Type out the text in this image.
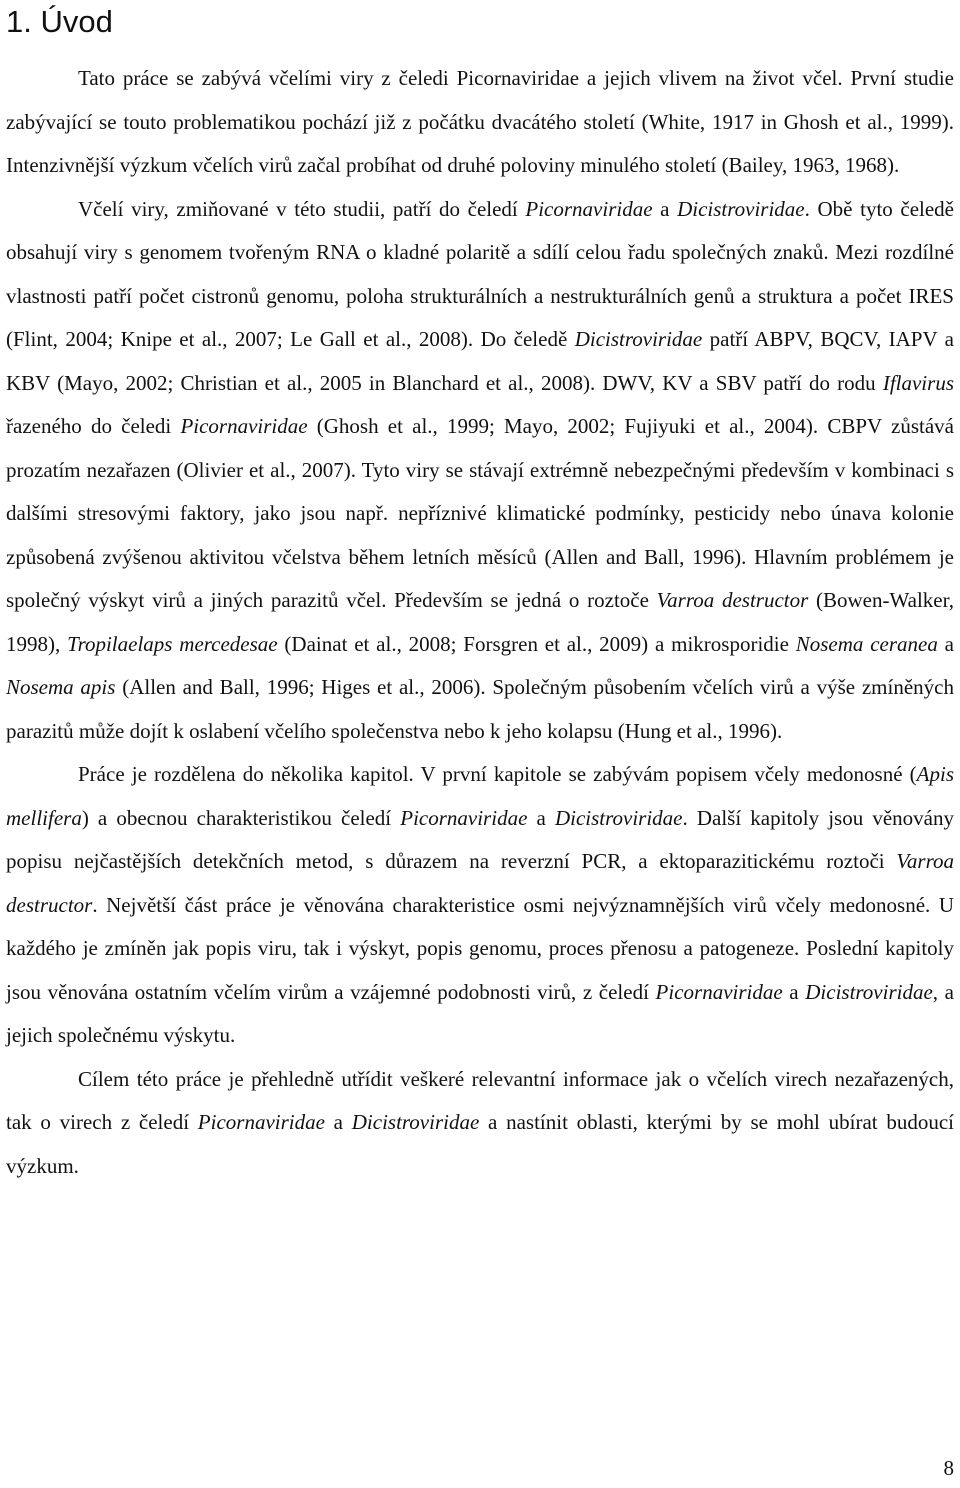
1. Úvod

Tato práce se zabývá včelími viry z čeledi Picornaviridae a jejich vlivem na život včel. První studie zabývající se touto problematikou pochází již z počátku dvacátého století (White, 1917 in Ghosh et al., 1999). Intenzivnější výzkum včelích virů začal probíhat od druhé poloviny minulého století (Bailey, 1963, 1968).

Včelí viry, zmiňované v této studii, patří do čeledí Picornaviridae a Dicistroviridae. Obě tyto čeledě obsahují viry s genomem tvořeným RNA o kladné polaritě a sdílí celou řadu společných znaků. Mezi rozdílné vlastnosti patří počet cistronů genomu, poloha strukturálních a nestrukturálních genů a struktura a počet IRES (Flint, 2004; Knipe et al., 2007; Le Gall et al., 2008). Do čeledě Dicistroviridae patří ABPV, BQCV, IAPV a KBV (Mayo, 2002; Christian et al., 2005 in Blanchard et al., 2008). DWV, KV a SBV patří do rodu Iflavirus řazeného do čeledi Picornaviridae (Ghosh et al., 1999; Mayo, 2002; Fujiyuki et al., 2004). CBPV zůstává prozatím nezařazen (Olivier et al., 2007). Tyto viry se stávají extrémně nebezpečnými především v kombinaci s dalšími stresovými faktory, jako jsou např. nepříznivé klimatické podmínky, pesticidy nebo únava kolonie způsobená zvýšenou aktivitou včelstva během letních měsíců (Allen and Ball, 1996). Hlavním problémem je společný výskyt virů a jiných parazitů včel. Především se jedná o roztoče Varroa destructor (Bowen-Walker, 1998), Tropilaelaps mercedesae (Dainat et al., 2008; Forsgren et al., 2009) a mikrosporidie Nosema ceranea a Nosema apis (Allen and Ball, 1996; Higes et al., 2006). Společným působením včelích virů a výše zmíněných parazitů může dojít k oslabení včelího společenstva nebo k jeho kolapsu (Hung et al., 1996).

Práce je rozdělena do několika kapitol. V první kapitole se zabývám popisem včely medonosné (Apis mellifera) a obecnou charakteristikou čeledí Picornaviridae a Dicistroviridae. Další kapitoly jsou věnovány popisu nejčastějších detekčních metod, s důrazem na reverzní PCR, a ektoparazitickému roztoči Varroa destructor. Největší část práce je věnována charakteristice osmi nejvýznamnějších virů včely medonosné. U každého je zmíněn jak popis viru, tak i výskyt, popis genomu, proces přenosu a patogeneze. Poslední kapitoly jsou věnována ostatním včelím virům a vzájemné podobnosti virů, z čeledí Picornaviridae a Dicistroviridae, a jejich společnému výskytu.

Cílem této práce je přehledně utřídit veškeré relevantní informace jak o včelích virech nezařazených, tak o virech z čeledí Picornaviridae a Dicistroviridae a nastínit oblasti, kterými by se mohl ubírat budoucí výzkum.

8
